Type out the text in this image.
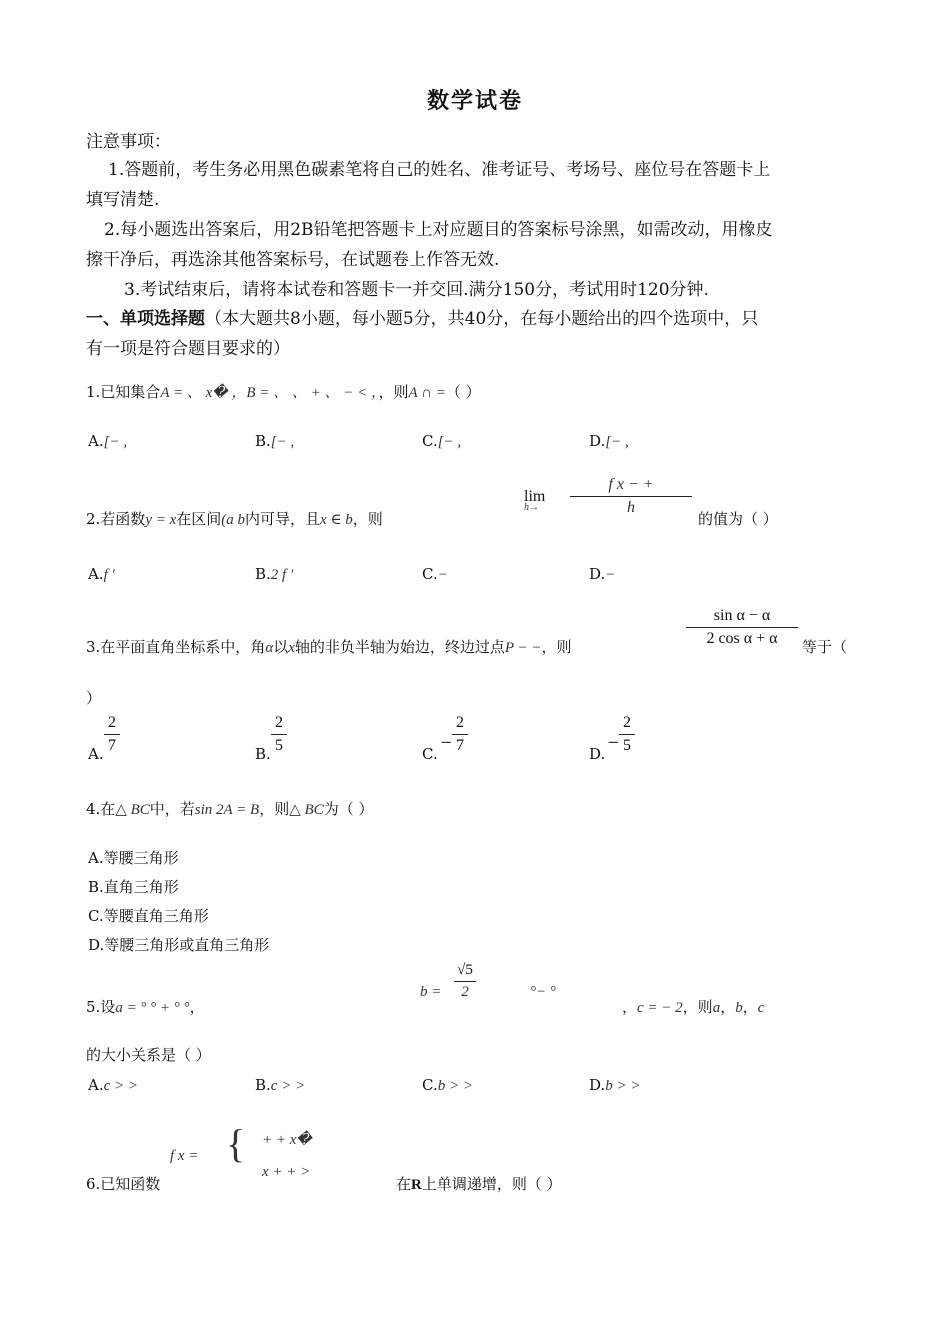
数学试卷
注意事项：
1.答题前，考生务必用黑色碳素笔将自己的姓名、准考证号、考场号、座位号在答题卡上
填写清楚.
2.每小题选出答案后，用2B铅笔把答题卡上对应题目的答案标号涂黑，如需改动，用橡皮
擦干净后，再选涂其他答案标号，在试题卷上作答无效.
3.考试结束后，请将本试卷和答题卡一并交回.满分150分，考试用时120分钟.
一、单项选择题（本大题共8小题，每小题5分，共40分，在每小题给出的四个选项中，只
有一项是符合题目要求的）
1.已知集合A = 、 x� ，B = 、 、 + 、 − < ，，则A ∩ =（ ）
A.[− ,	B.[− ,	C.[− ,	D.[− ,
2.若函数y = x在区间(a b内可导，且x ∈ b，则
lim
h→
f x − +
h
的值为（ ）
A.f ′	B.2 f ′	C.−	D.−
3.在平面直角坐标系中，角α以x轴的非负半轴为始边，终边过点P − −，则
sin α − α
2 cos α + α	等于（
）
A.
2
7	B.
2
5	C.
−
2
7	D.
−
2
5
4.在△ BC中，若sin 2A = B，则△ BC为（ ）
A.等腰三角形
B.直角三角形
C.等腰直角三角形
D.等腰三角形或直角三角形
5.设a = ° ° + ° °，
b =
√5
2	°− °
，c = − 2，则a，b，c
的大小关系是（ ）
A.c > >	B.c > >	C.b > >	D.b > >
6.已知函数
f x = { + + x�
x + + >
在R上单调递增，则（ ）
